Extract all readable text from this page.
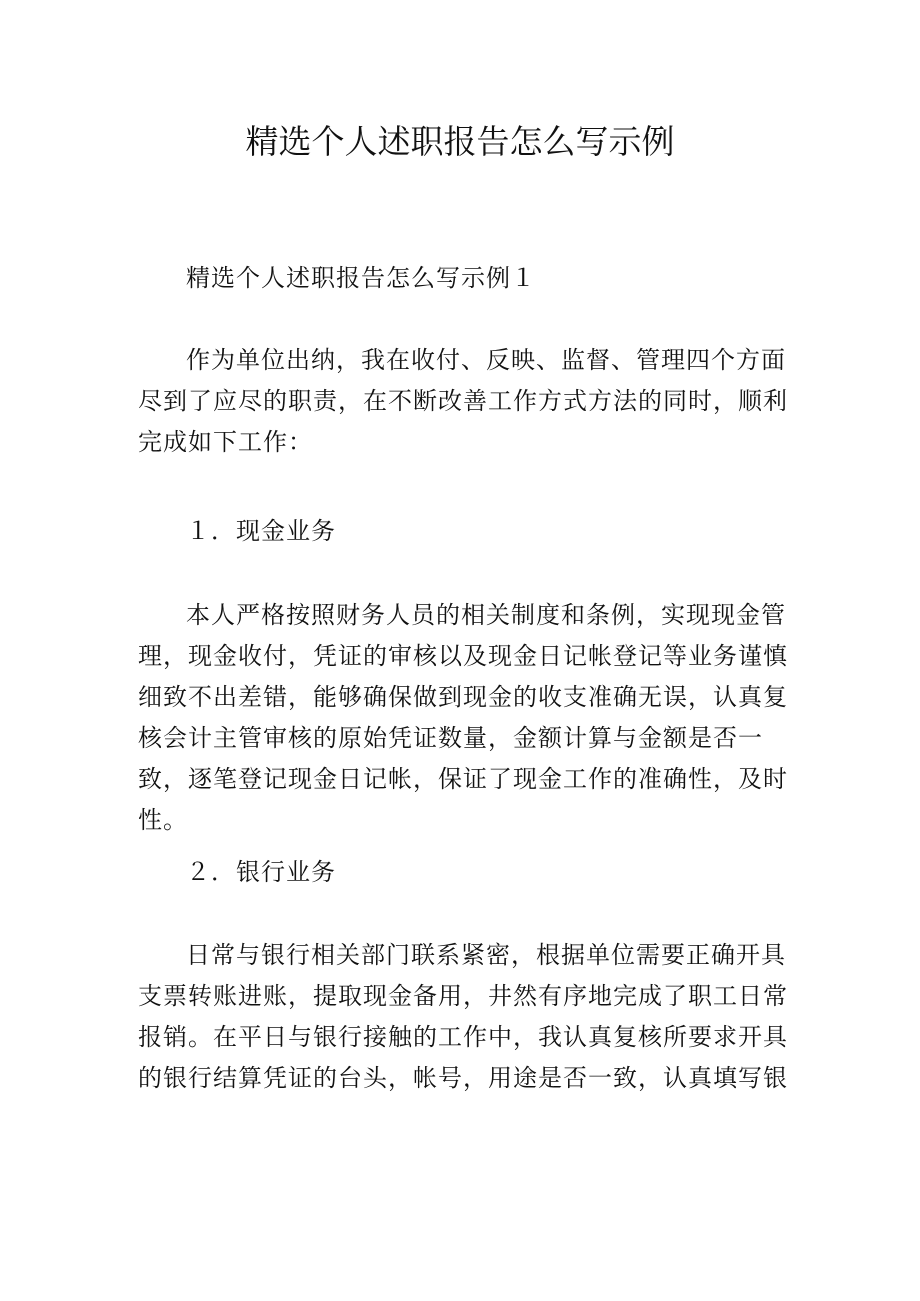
精选个人述职报告怎么写示例

精选个人述职报告怎么写示例１

作为单位出纳，我在收付、反映、监督、管理四个方面尽到了应尽的职责，在不断改善工作方式方法的同时，顺利完成如下工作：

１．现金业务

本人严格按照财务人员的相关制度和条例，实现现金管理，现金收付，凭证的审核以及现金日记帐登记等业务谨慎细致不出差错，能够确保做到现金的收支准确无误，认真复核会计主管审核的原始凭证数量，金额计算与金额是否一致，逐笔登记现金日记帐，保证了现金工作的准确性，及时性。

２．银行业务

日常与银行相关部门联系紧密，根据单位需要正确开具支票转账进账，提取现金备用，井然有序地完成了职工日常报销。在平日与银行接触的工作中，我认真复核所要求开具的银行结算凭证的台头，帐号，用途是否一致，认真填写银
